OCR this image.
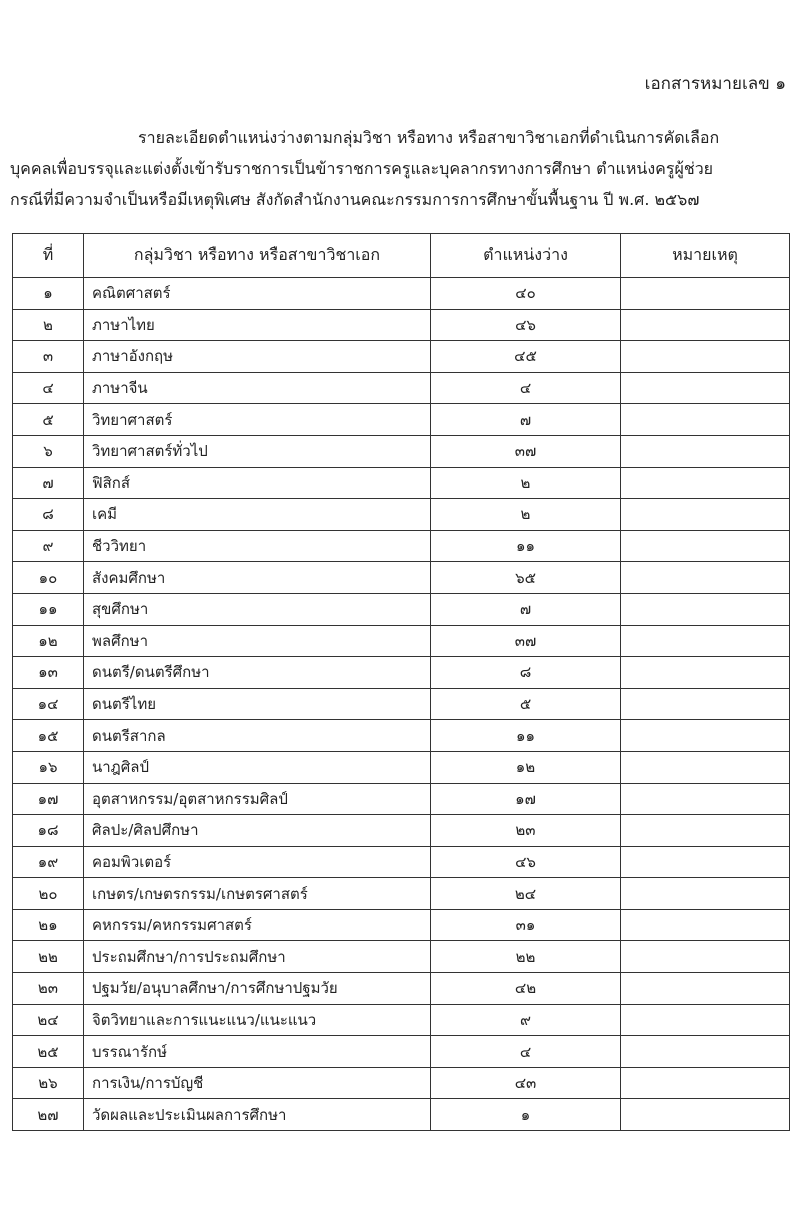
เอกสารหมายเลข ๑
รายละเอียดตำแหน่งว่างตามกลุ่มวิชา หรือทาง หรือสาขาวิชาเอกที่ดำเนินการคัดเลือก
บุคคลเพื่อบรรจุและแต่งตั้งเข้ารับราชการเป็นข้าราชการครูและบุคลากรทางการศึกษา ตำแหน่งครูผู้ช่วย
กรณีที่มีความจำเป็นหรือมีเหตุพิเศษ สังกัดสำนักงานคณะกรรมการการศึกษาขั้นพื้นฐาน ปี พ.ศ. ๒๕๖๗
ที่	กลุ่มวิชา หรือทาง หรือสาขาวิชาเอก	ตำแหน่งว่าง	หมายเหตุ
๑	คณิตศาสตร์	๔๐	
๒	ภาษาไทย	๔๖	
๓	ภาษาอังกฤษ	๔๕	
๔	ภาษาจีน	๔	
๕	วิทยาศาสตร์	๗	
๖	วิทยาศาสตร์ทั่วไป	๓๗	
๗	ฟิสิกส์	๒	
๘	เคมี	๒	
๙	ชีววิทยา	๑๑	
๑๐	สังคมศึกษา	๖๕	
๑๑	สุขศึกษา	๗	
๑๒	พลศึกษา	๓๗	
๑๓	ดนตรี/ดนตรีศึกษา	๘	
๑๔	ดนตรีไทย	๕	
๑๕	ดนตรีสากล	๑๑	
๑๖	นาฎศิลป์	๑๒	
๑๗	อุตสาหกรรม/อุตสาหกรรมศิลป์	๑๗	
๑๘	ศิลปะ/ศิลปศึกษา	๒๓	
๑๙	คอมพิวเตอร์	๔๖	
๒๐	เกษตร/เกษตรกรรม/เกษตรศาสตร์	๒๔	
๒๑	คหกรรม/คหกรรมศาสตร์	๓๑	
๒๒	ประถมศึกษา/การประถมศึกษา	๒๒	
๒๓	ปฐมวัย/อนุบาลศึกษา/การศึกษาปฐมวัย	๔๒	
๒๔	จิตวิทยาและการแนะแนว/แนะแนว	๙	
๒๕	บรรณารักษ์	๔	
๒๖	การเงิน/การบัญชี	๔๓	
๒๗	วัดผลและประเมินผลการศึกษา	๑	
